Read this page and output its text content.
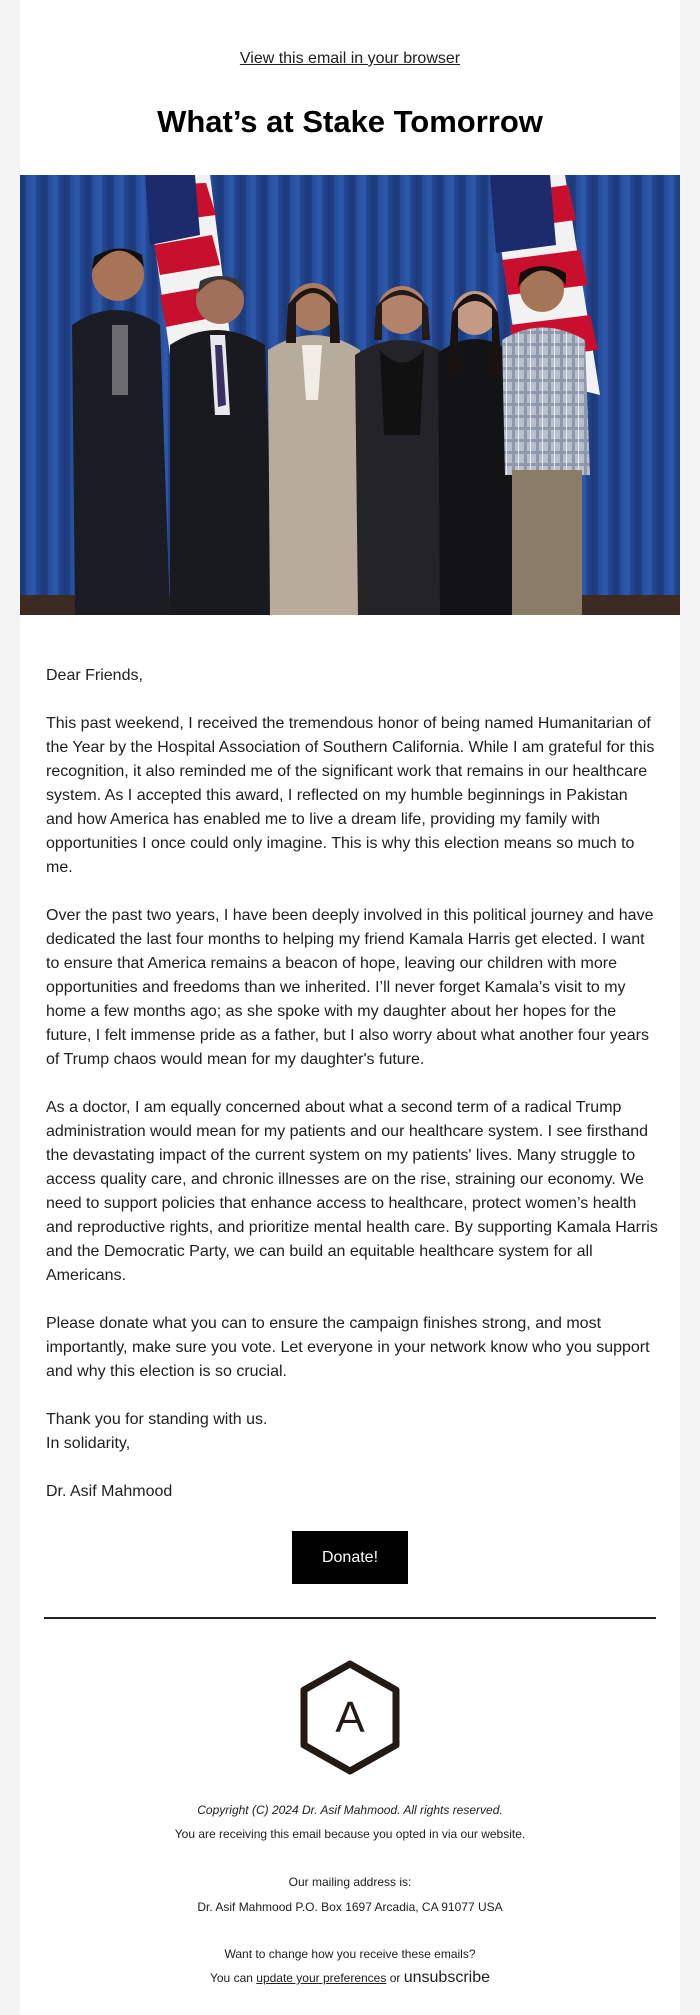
View this email in your browser
What’s at Stake Tomorrow

Dear Friends,

This past weekend, I received the tremendous honor of being named Humanitarian of the Year by the Hospital Association of Southern California. While I am grateful for this recognition, it also reminded me of the significant work that remains in our healthcare system. As I accepted this award, I reflected on my humble beginnings in Pakistan and how America has enabled me to live a dream life, providing my family with opportunities I once could only imagine. This is why this election means so much to me.

Over the past two years, I have been deeply involved in this political journey and have dedicated the last four months to helping my friend Kamala Harris get elected. I want to ensure that America remains a beacon of hope, leaving our children with more opportunities and freedoms than we inherited. I’ll never forget Kamala’s visit to my home a few months ago; as she spoke with my daughter about her hopes for the future, I felt immense pride as a father, but I also worry about what another four years of Trump chaos would mean for my daughter's future.

As a doctor, I am equally concerned about what a second term of a radical Trump administration would mean for my patients and our healthcare system. I see firsthand the devastating impact of the current system on my patients' lives. Many struggle to access quality care, and chronic illnesses are on the rise, straining our economy. We need to support policies that enhance access to healthcare, protect women’s health and reproductive rights, and prioritize mental health care. By supporting Kamala Harris and the Democratic Party, we can build an equitable healthcare system for all Americans.

Please donate what you can to ensure the campaign finishes strong, and most importantly, make sure you vote. Let everyone in your network know who you support and why this election is so crucial.

Thank you for standing with us.

In solidarity,

Dr. Asif Mahmood

Donate!
A
Copyright (C) 2024 Dr. Asif Mahmood. All rights reserved.
You are receiving this email because you opted in via our website.
Our mailing address is:
Dr. Asif Mahmood P.O. Box 1697 Arcadia, CA 91077 USA
Want to change how you receive these emails?
You can update your preferences or unsubscribe
